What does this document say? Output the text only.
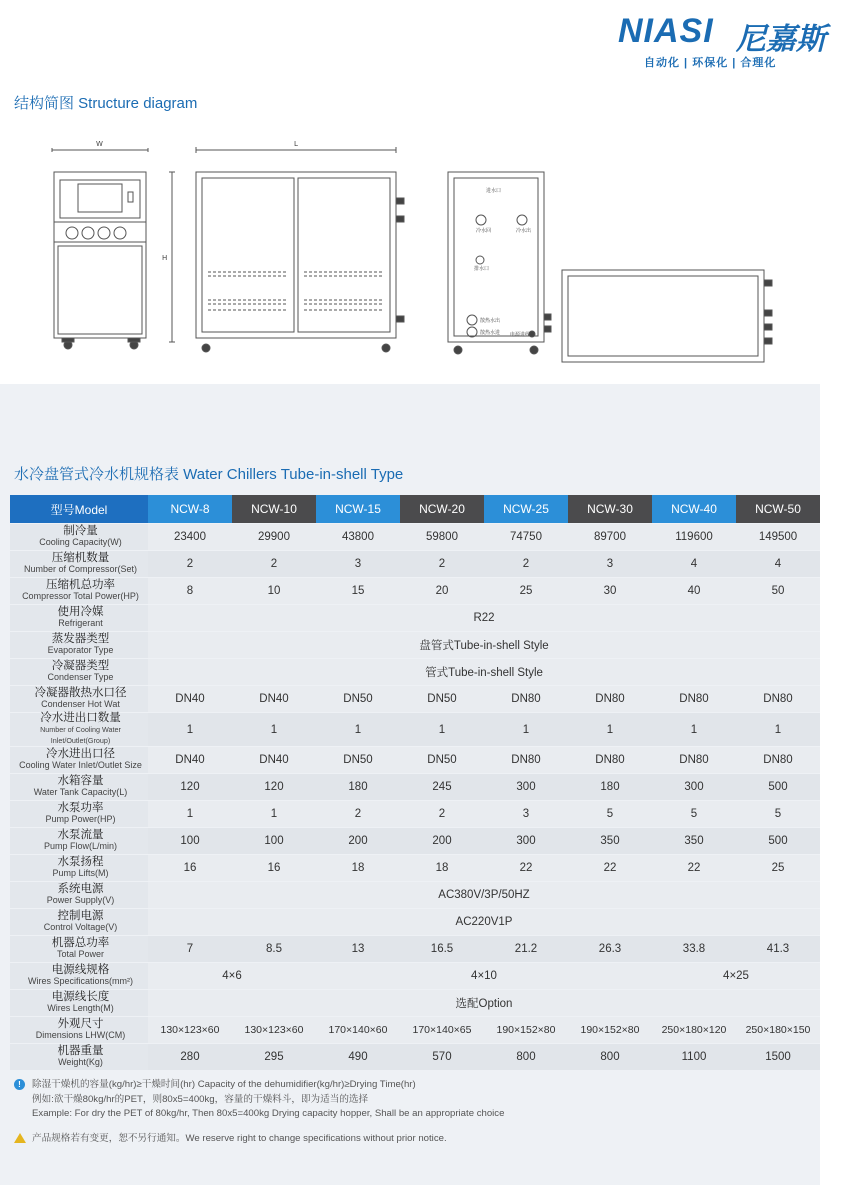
NIASI 尼嘉斯
自动化 | 环保化 | 合理化
结构简图 Structure diagram
W	L
H
进水口
冷水回	冷水出
排水口
散热水出
散热水进 电源进线
水冷盘管式冷水机规格表 Water Chillers Tube-in-shell Type
型号Model	NCW-8	NCW-10	NCW-15	NCW-20	NCW-25	NCW-30	NCW-40	NCW-50

制冷量
Cooling Capacity(W)	23400	29900	43800	59800	74750	89700	119600	149500

压缩机数量
Number of Compressor(Set)	2	2	3	2	2	3	4	4

压缩机总功率
Compressor Total Power(HP)	8	10	15	20	25	30	40	50

使用冷媒
Refrigerant	R22							

蒸发器类型
Evaporator Type	盘管式Tube-in-shell Style							

冷凝器类型
Condenser Type	管式Tube-in-shell Style							

冷凝器散热水口径
Condenser Hot Wat	DN40	DN40	DN50	DN50	DN80	DN80	DN80	DN80

冷水进出口数量
Number of Cooling Water Inlet/Outlet(Group)	1	1	1	1	1	1	1	1

冷水进出口径
Cooling Water Inlet/Outlet Size	DN40	DN40	DN50	DN50	DN80	DN80	DN80	DN80

水箱容量
Water Tank Capacity(L)	120	120	180	245	300	180	300	500

水泵功率
Pump Power(HP)	1	1	2	2	3	5	5	5

水泵流量
Pump Flow(L/min)	100	100	200	200	300	350	350	500

水泵扬程
Pump Lifts(M)	16	16	18	18	22	22	22	25

系统电源
Power Supply(V)	AC380V/3P/50HZ							

控制电源
Control Voltage(V)	AC220V1P							

机器总功率
Total Power	7	8.5	13	16.5	21.2	26.3	33.8	41.3

电源线规格
Wires Specifications(mm²)	4×6		4×10				4×25	

电源线长度
Wires Length(M)	选配Option							

外观尺寸
Dimensions LHW(CM)	130×123×60	130×123×60	170×140×60	170×140×65	190×152×80	190×152×80	250×180×120	250×180×150

机器重量
Weight(Kg)	280	295	490	570	800	800	1100	1500
!	除湿干燥机的容量(kg/hr)≥干燥时间(hr) Capacity of the dehumidifier(kg/hr)≥Drying Time(hr)
例如:欲干燥80kg/hr的PET，则80x5=400kg，容量的干燥料斗，即为适当的选择
Example: For dry the PET of 80kg/hr, Then 80x5=400kg Drying capacity hopper, Shall be an appropriate choice
产品规格若有变更，恕不另行通知。We reserve right to change specifications without prior notice.
